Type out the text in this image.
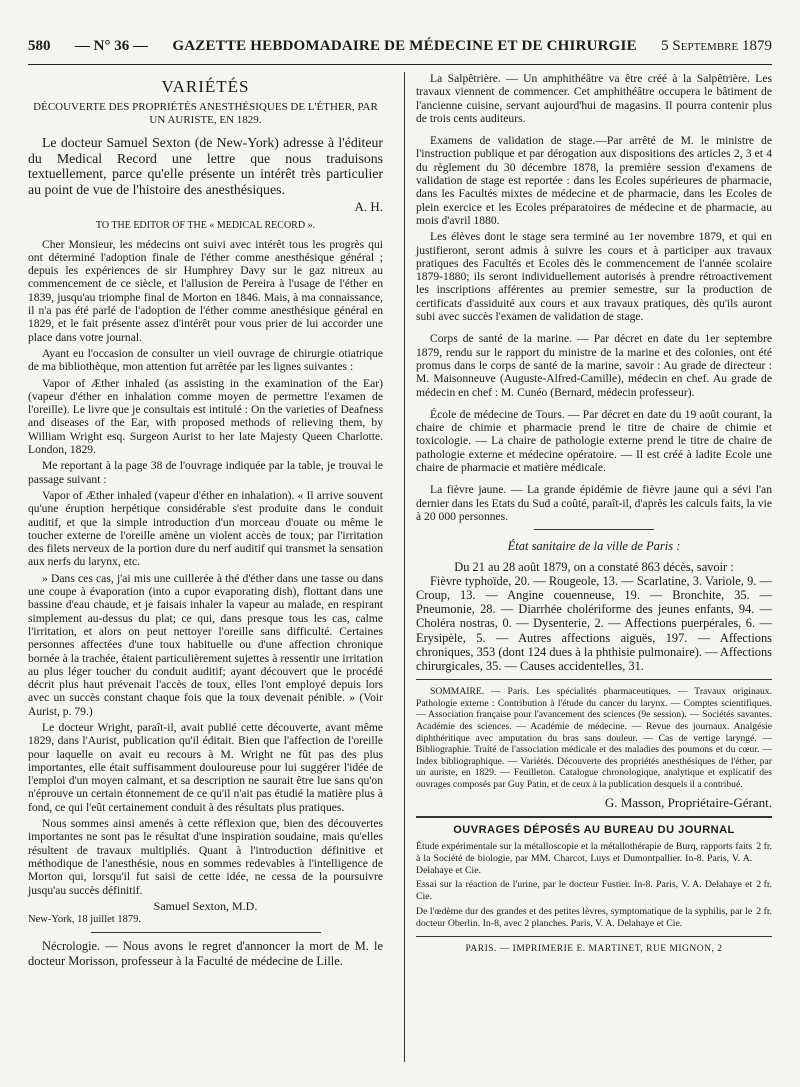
580 — N° 36 — GAZETTE HEBDOMADAIRE DE MÉDECINE ET DE CHIRURGIE 5 Septembre 1879
VARIÉTÉS
DÉCOUVERTE DES PROPRIÉTÉS ANESTHÉSIQUES DE L'ÉTHER, PAR UN AURISTE, EN 1829.

Le docteur Samuel Sexton (de New-York) adresse à l'éditeur du Medical Record une lettre que nous traduisons textuellement, parce qu'elle présente un intérêt très particulier au point de vue de l'histoire des anesthésiques.

A. H.
TO THE EDITOR OF THE « MEDICAL RECORD ».

Cher Monsieur, les médecins ont suivi avec intérêt tous les progrès qui ont déterminé l'adoption finale de l'éther comme anesthésique général ; depuis les expériences de sir Humphrey Davy sur le gaz nitreux au commencement de ce siècle, et l'allusion de Pereira à l'usage de l'éther en 1839, jusqu'au triomphe final de Morton en 1846. Mais, à ma connaissance, il n'a pas été parlé de l'adoption de l'éther comme anesthésique général en 1829, et le fait présente assez d'intérêt pour vous prier de lui accorder une place dans votre journal.

Ayant eu l'occasion de consulter un vieil ouvrage de chirurgie otiatrique de ma bibliothèque, mon attention fut arrêtée par les lignes suivantes :

Vapor of Æther inhaled (as assisting in the examination of the Ear) (vapeur d'éther en inhalation comme moyen de permettre l'examen de l'oreille). Le livre que je consultais est intitulé : On the varieties of Deafness and diseases of the Ear, with proposed methods of relieving them, by William Wright esq. Surgeon Aurist to her late Majesty Queen Charlotte. London, 1829.

Me reportant à la page 38 de l'ouvrage indiquée par la table, je trouvai le passage suivant :

Vapor of Æther inhaled (vapeur d'éther en inhalation). « Il arrive souvent qu'une éruption herpétique considérable s'est produite dans le conduit auditif, et que la simple introduction d'un morceau d'ouate ou même le toucher externe de l'oreille amène un violent accès de toux; par l'irritation des filets nerveux de la portion dure du nerf auditif qui transmet la sensation aux nerfs du larynx, etc.

» Dans ces cas, j'ai mis une cuillerée à thé d'éther dans une tasse ou dans une coupe à évaporation (into a cupor evaporating dish), flottant dans une bassine d'eau chaude, et je faisais inhaler la vapeur au malade, en respirant simplement au-dessus du plat; ce qui, dans presque tous les cas, calme l'irritation, et alors on peut nettoyer l'oreille sans difficulté. Certaines personnes affectées d'une toux habituelle ou d'une affection chronique bornée à la trachée, étaient particulièrement sujettes à ressentir une irritation au plus léger toucher du conduit auditif; ayant découvert que le procédé décrit plus haut prévenait l'accès de toux, elles l'ont employé depuis lors avec un succès constant chaque fois que la toux devenait pénible. » (Voir Aurist, p. 79.)

Le docteur Wright, paraît-il, avait publié cette découverte, avant même 1829, dans l'Aurist, publication qu'il éditait. Bien que l'affection de l'oreille pour laquelle on avait eu recours à M. Wright ne fût pas des plus importantes, elle était suffisamment douloureuse pour lui suggérer l'idée de l'emploi d'un moyen calmant, et sa description ne saurait être lue sans qu'on n'éprouve un certain étonnement de ce qu'il n'ait pas étudié la matière plus à fond, ce qui l'eût certainement conduit à des résultats plus pratiques.

Nous sommes ainsi amenés à cette réflexion que, bien des découvertes importantes ne sont pas le résultat d'une inspiration soudaine, mais qu'elles résultent de travaux multipliés. Quant à l'introduction définitive et méthodique de l'anesthésie, nous en sommes redevables à l'intelligence de Morton qui, lorsqu'il fut saisi de cette idée, ne cessa de la poursuivre jusqu'au succès définitif.

Samuel Sexton, M.D.
New-York, 18 juillet 1879.

Nécrologie. — Nous avons le regret d'annoncer la mort de M. le docteur Morisson, professeur à la Faculté de médecine de Lille.

La Salpêtrière. — Un amphithéâtre va être créé à la Salpêtrière. Les travaux viennent de commencer. Cet amphithéâtre occupera le bâtiment de l'ancienne cuisine, servant aujourd'hui de magasins. Il pourra contenir plus de trois cents auditeurs.

Examens de validation de stage.—Par arrêté de M. le ministre de l'instruction publique et par dérogation aux dispositions des articles 2, 3 et 4 du règlement du 30 décembre 1878, la première session d'examens de validation de stage est reportée : dans les Ecoles supérieures de pharmacie, dans les Facultés mixtes de médecine et de pharmacie, dans les Ecoles de plein exercice et les Ecoles préparatoires de médecine et de pharmacie, au mois d'avril 1880.

Les élèves dont le stage sera terminé au 1er novembre 1879, et qui en justifieront, seront admis à suivre les cours et à participer aux travaux pratiques des Facultés et Ecoles dès le commencement de l'année scolaire 1879-1880; ils seront individuellement autorisés à prendre rétroactivement les inscriptions afférentes au premier semestre, sur la production de certificats d'assiduité aux cours et aux travaux pratiques, dès qu'ils auront subi avec succès l'examen de validation de stage.

Corps de santé de la marine. — Par décret en date du 1er septembre 1879, rendu sur le rapport du ministre de la marine et des colonies, ont été promus dans le corps de santé de la marine, savoir : Au grade de directeur : M. Maisonneuve (Auguste-Alfred-Camille), médecin en chef. Au grade de médecin en chef : M. Cunéo (Bernard, médecin professeur).

École de médecine de Tours. — Par décret en date du 19 août courant, la chaire de chimie et pharmacie prend le titre de chaire de chimie et toxicologie. — La chaire de pathologie externe prend le titre de chaire de pathologie externe et médecine opératoire. — Il est créé à ladite Ecole une chaire de pharmacie et matière médicale.

La fièvre jaune. — La grande épidémie de fièvre jaune qui a sévi l'an dernier dans les Etats du Sud a coûté, paraît-il, d'après les calculs faits, la vie à 20 000 personnes.

État sanitaire de la ville de Paris :
Du 21 au 28 août 1879, on a constaté 863 décès, savoir :

Fièvre typhoïde, 20. — Rougeole, 13. — Scarlatine, 3. Variole, 9. — Croup, 13. — Angine couenneuse, 19. — Bronchite, 35. — Pneumonie, 28. — Diarrhée cholériforme des jeunes enfants, 94. — Choléra nostras, 0. — Dysenterie, 2. — Affections puerpérales, 6. — Erysipèle, 5. — Autres affections aiguës, 197. — Affections chroniques, 353 (dont 124 dues à la phthisie pulmonaire). — Affections chirurgicales, 35. — Causes accidentelles, 31.

SOMMAIRE. — Paris. Les spécialités pharmaceutiques. — Travaux originaux. Pathologie externe : Contribution à l'étude du cancer du larynx. — Comptes scientifiques. — Association française pour l'avancement des sciences (9e session). — Sociétés savantes. Académie des sciences. — Académie de médecine. — Revue des journaux. Analgésie diphthéritique avec amputation du bras sans douleur. — Cas de vertige laryngé. — Bibliographie. Traité de l'association médicale et des maladies des poumons et du cœur. — Index bibliographique. — Variétés. Découverte des propriétés anesthésiques de l'éther, par un auriste, en 1829. — Feuilleton. Catalogue chronologique, analytique et explicatif des ouvrages composés par Guy Patin, et de ceux à la publication desquels il a contribué.

G. Masson, Propriétaire-Gérant.
OUVRAGES DÉPOSÉS AU BUREAU DU JOURNAL
Étude expérimentale sur la métalloscopie et la métallothérapie de Burq, rapports faits à la Société de biologie, par MM. Charcot, Luys et Dumontpallier. In-8. Paris, V. A. Delahaye et Cie.
2 fr.
Essai sur la réaction de l'urine, par le docteur Fustier. In-8. Paris, V. A. Delahaye et Cie.
2 fr.
De l'œdème dur des grandes et des petites lèvres, symptomatique de la syphilis, par le docteur Oberlin. In-8, avec 2 planches. Paris, V. A. Delahaye et Cie.
2 fr.
PARIS. — IMPRIMERIE E. MARTINET, RUE MIGNON, 2
